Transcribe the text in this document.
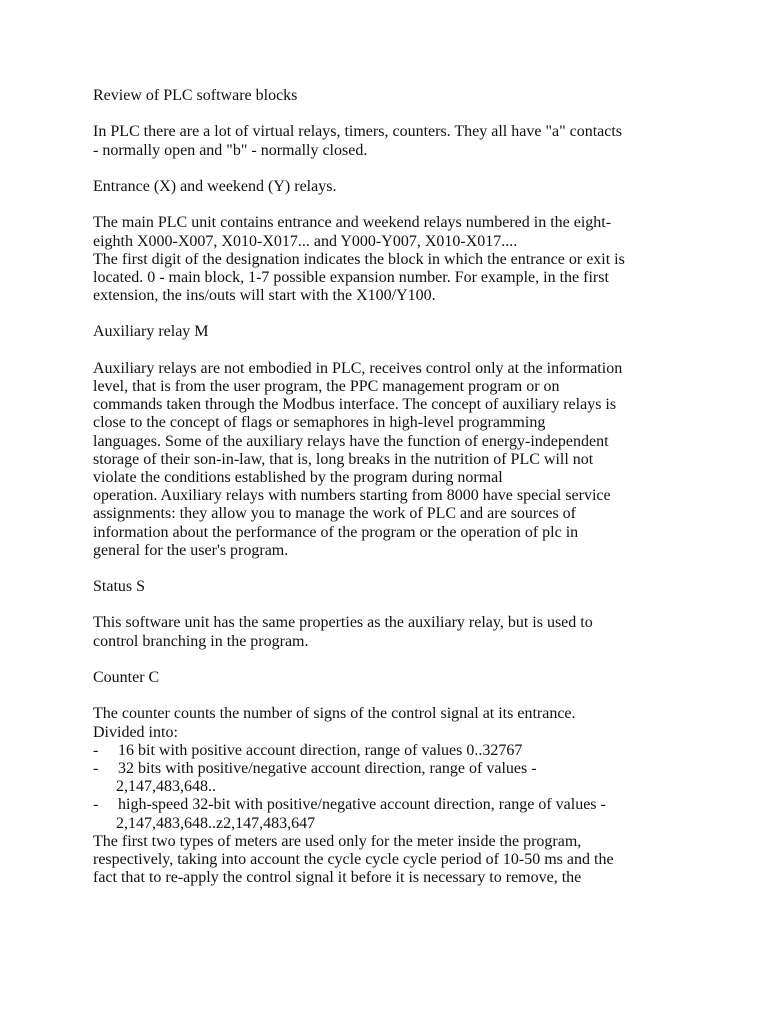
Review of PLC software blocks
In PLC there are a lot of virtual relays, timers, counters. They all have "a" contacts
- normally open and "b" - normally closed.
Entrance (X) and weekend (Y) relays.
The main PLC unit contains entrance and weekend relays numbered in the eight-
eighth X000-X007, X010-X017... and Y000-Y007, X010-X017....
The first digit of the designation indicates the block in which the entrance or exit is
located. 0 - main block, 1-7 possible expansion number. For example, in the first
extension, the ins/outs will start with the X100/Y100.
Auxiliary relay M
Auxiliary relays are not embodied in PLC, receives control only at the information
level, that is from the user program, the PPC management program or on
commands taken through the Modbus interface. The concept of auxiliary relays is
close to the concept of flags or semaphores in high-level programming
languages. Some of the auxiliary relays have the function of energy-independent
storage of their son-in-law, that is, long breaks in the nutrition of PLC will not
violate the conditions established by the program during normal
operation. Auxiliary relays with numbers starting from 8000 have special service
assignments: they allow you to manage the work of PLC and are sources of
information about the performance of the program or the operation of plc in
general for the user's program.
Status S
This software unit has the same properties as the auxiliary relay, but is used to
control branching in the program.
Counter C
The counter counts the number of signs of the control signal at its entrance.
Divided into:
- 16 bit with positive account direction, range of values 0..32767
- 32 bits with positive/negative account direction, range of values -
2,147,483,648..
- high-speed 32-bit with positive/negative account direction, range of values -
2,147,483,648..z2,147,483,647
The first two types of meters are used only for the meter inside the program,
respectively, taking into account the cycle cycle cycle period of 10-50 ms and the
fact that to re-apply the control signal it before it is necessary to remove, the
